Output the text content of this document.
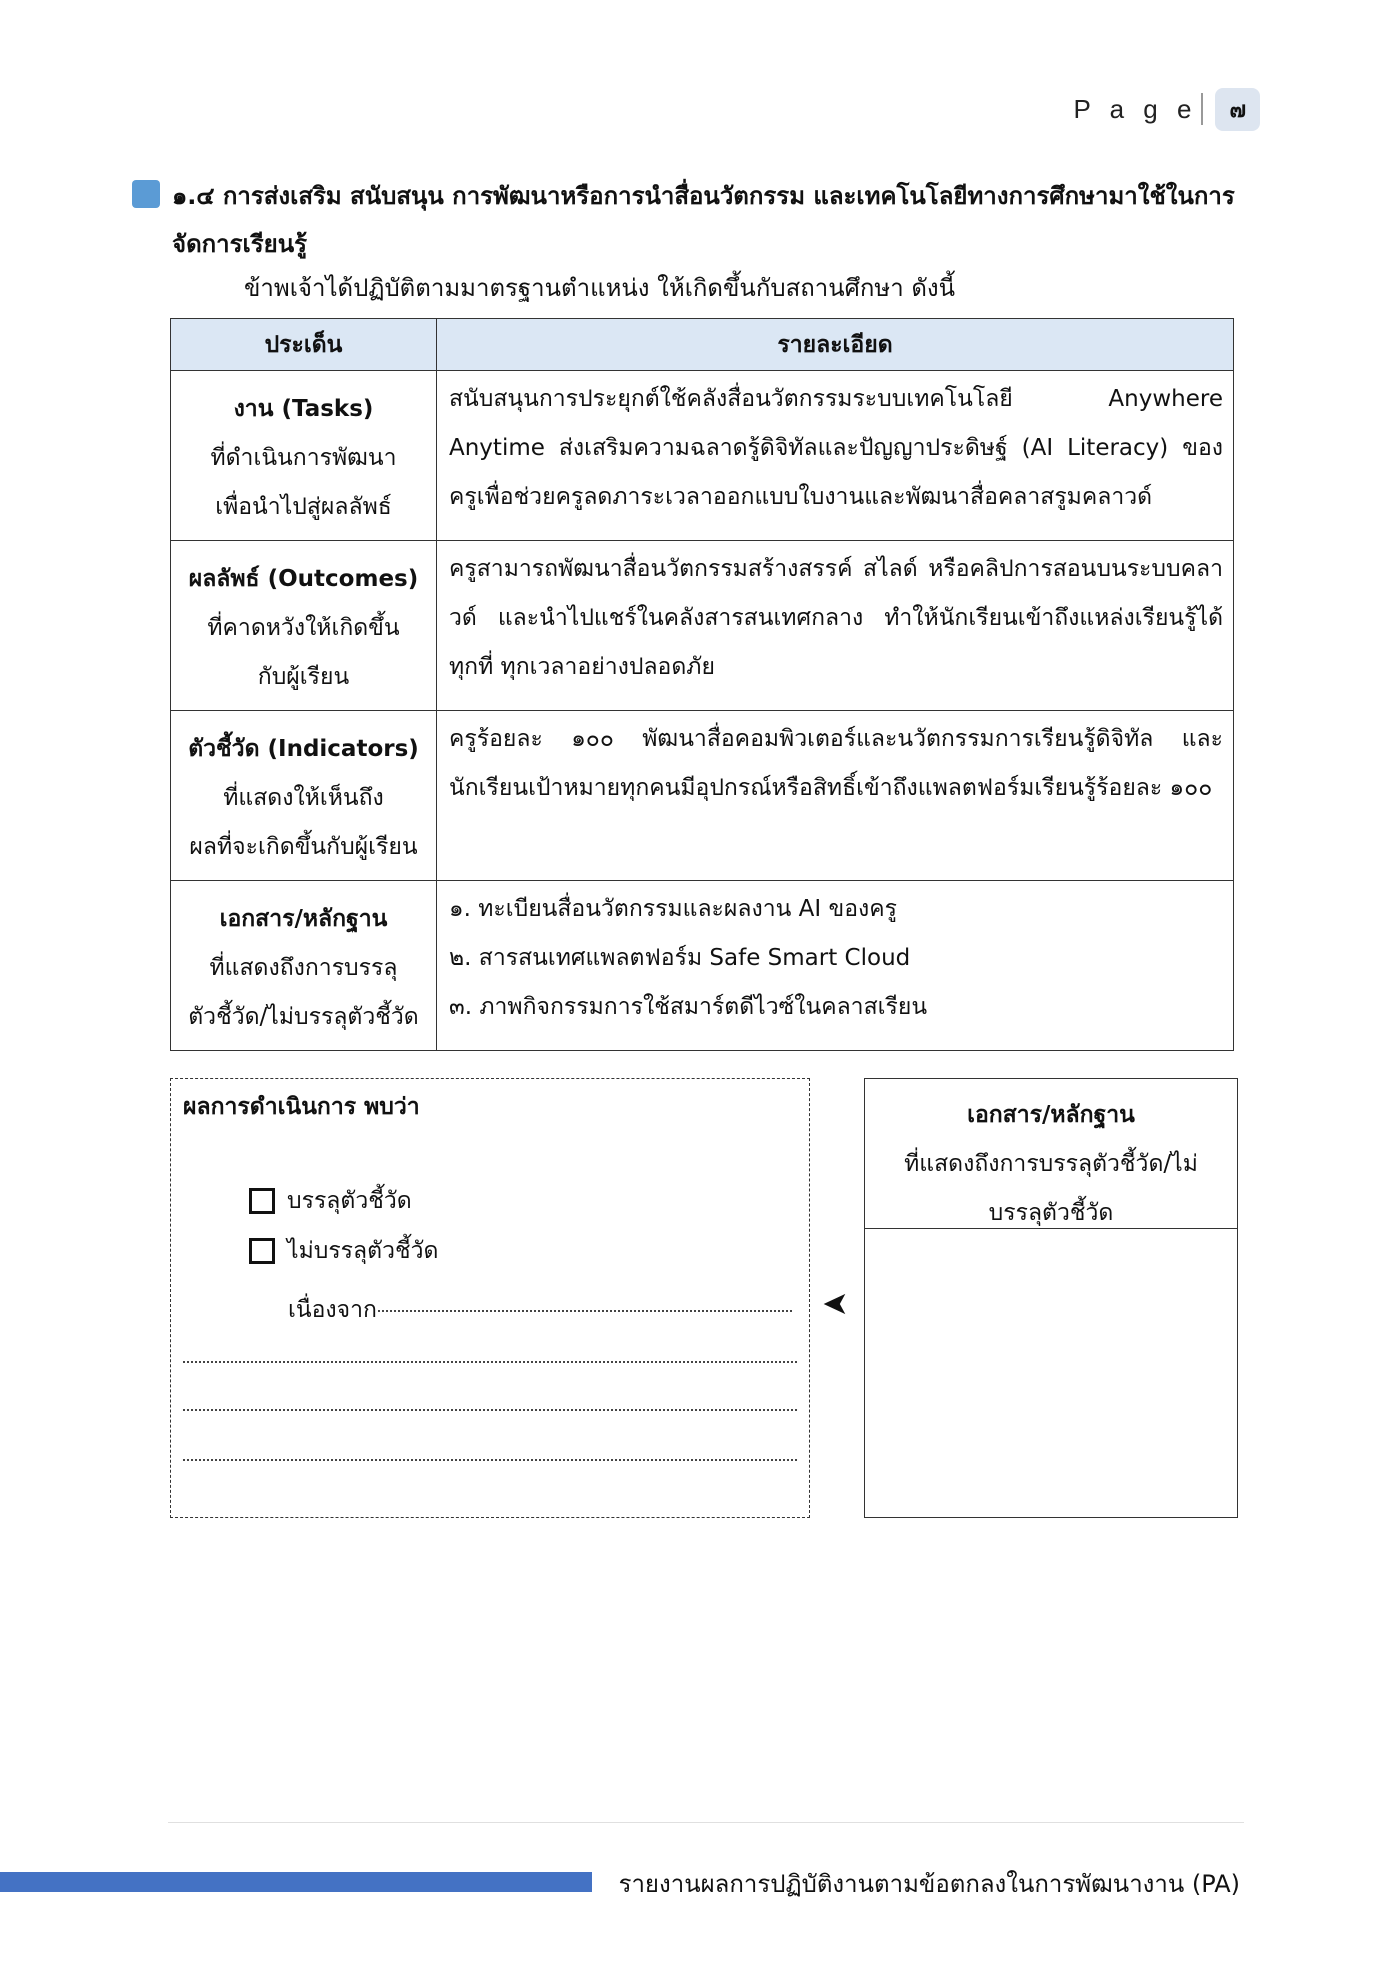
P a g e	๗
๑.๔ การส่งเสริม สนับสนุน การพัฒนาหรือการนำสื่อนวัตกรรม และเทคโนโลยีทางการศึกษามาใช้ในการ
จัดการเรียนรู้
ข้าพเจ้าได้ปฏิบัติตามมาตรฐานตำแหน่ง ให้เกิดขึ้นกับสถานศึกษา ดังนี้
ประเด็น	รายละเอียด

งาน (Tasks)
ที่ดำเนินการพัฒนา
เพื่อนำไปสู่ผลลัพธ์	สนับสนุนการประยุกต์ใช้คลังสื่อนวัตกรรมระบบเทคโนโลยี Anywhere Anytime ส่งเสริมความฉลาดรู้ดิจิทัลและปัญญาประดิษฐ์ (AI Literacy) ของครูเพื่อช่วยครูลดภาระเวลาออกแบบใบงานและพัฒนาสื่อคลาสรูมคลาวด์

ผลลัพธ์ (Outcomes)
ที่คาดหวังให้เกิดขึ้น
กับผู้เรียน	ครูสามารถพัฒนาสื่อนวัตกรรมสร้างสรรค์ สไลด์ หรือคลิปการสอนบนระบบคลาวด์ และนำไปแชร์ในคลังสารสนเทศกลาง ทำให้นักเรียนเข้าถึงแหล่งเรียนรู้ได้ทุกที่ ทุกเวลาอย่างปลอดภัย

ตัวชี้วัด (Indicators)
ที่แสดงให้เห็นถึง
ผลที่จะเกิดขึ้นกับผู้เรียน	ครูร้อยละ ๑๐๐ พัฒนาสื่อคอมพิวเตอร์และนวัตกรรมการเรียนรู้ดิจิทัล และนักเรียนเป้าหมายทุกคนมีอุปกรณ์หรือสิทธิ์เข้าถึงแพลตฟอร์มเรียนรู้ร้อยละ ๑๐๐

เอกสาร/หลักฐาน
ที่แสดงถึงการบรรลุ
ตัวชี้วัด/ไม่บรรลุตัวชี้วัด	๑. ทะเบียนสื่อนวัตกรรมและผลงาน AI ของครู
๒. สารสนเทศแพลตฟอร์ม Safe Smart Cloud
๓. ภาพกิจกรรมการใช้สมาร์ตดีไวซ์ในคลาสเรียน
ผลการดำเนินการ พบว่า
บรรลุตัวชี้วัด
ไม่บรรลุตัวชี้วัด
เนื่องจาก	➤
เอกสาร/หลักฐาน
ที่แสดงถึงการบรรลุตัวชี้วัด/ไม่
บรรลุตัวชี้วัด
รายงานผลการปฏิบัติงานตามข้อตกลงในการพัฒนางาน (PA)
